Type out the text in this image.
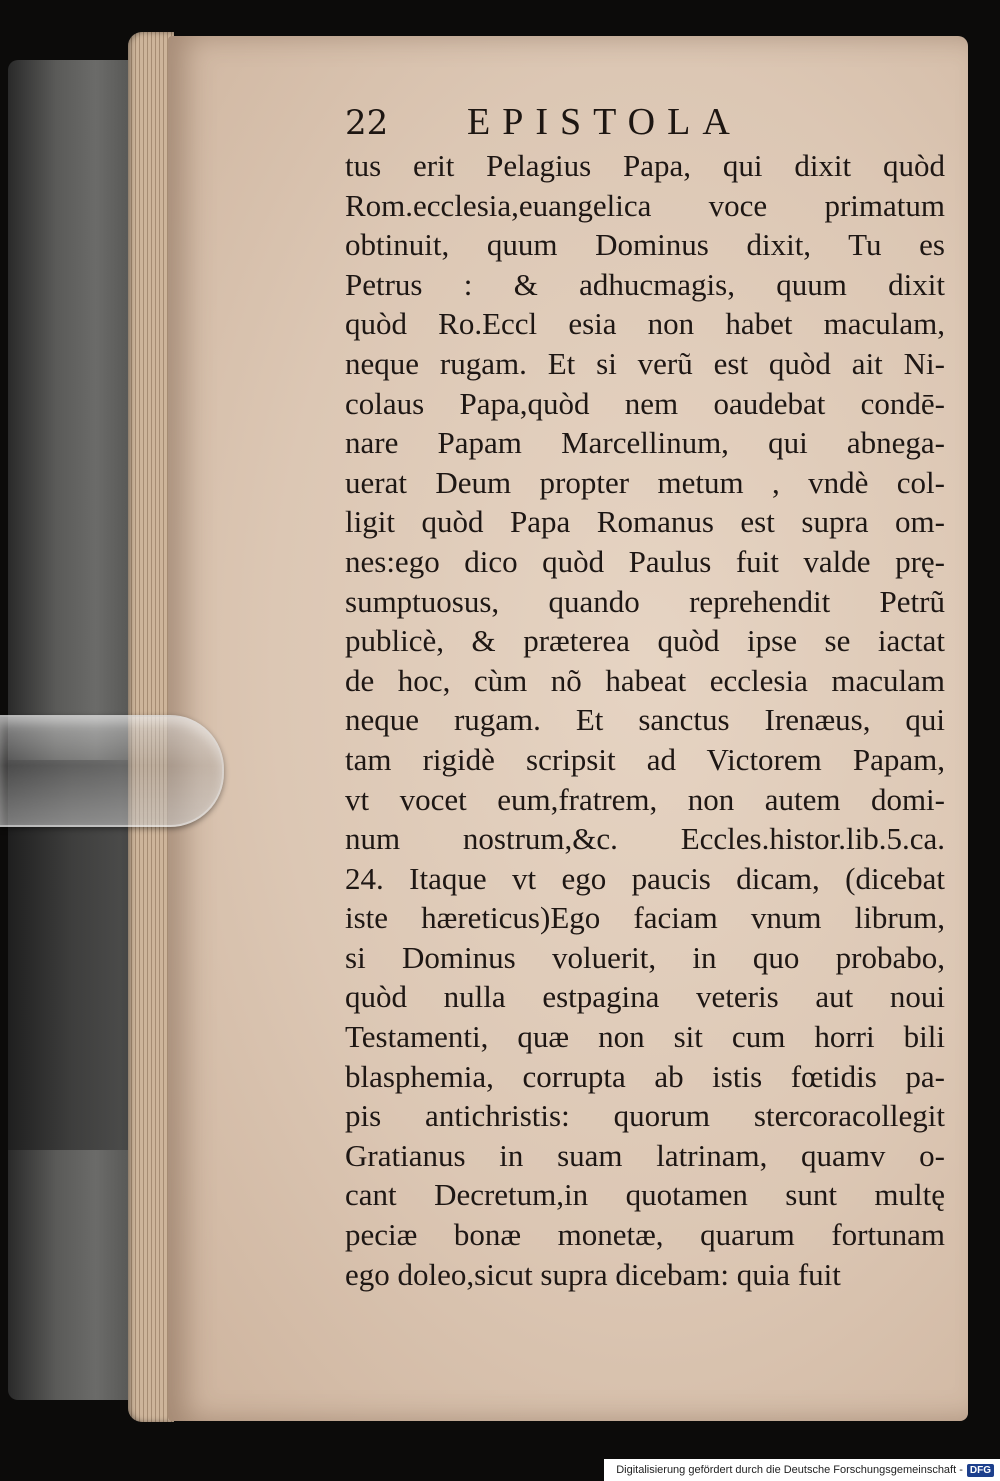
22	EPISTOLA
tus erit Pelagius Papa, qui dixit quòd
Rom.ecclesia,euangelica voce primatum
obtinuit, quum Dominus dixit, Tu es
Petrus : & adhucmagis, quum dixit
quòd Ro.Eccl esia non habet maculam,
neque rugam. Et si verũ est quòd ait Ni-
colaus Papa,quòd nem oaudebat condē-
nare Papam Marcellinum, qui abnega-
uerat Deum propter metum , vndè col-
ligit quòd Papa Romanus est supra om-
nes:ego dico quòd Paulus fuit valde prę-
sumptuosus, quando reprehendit Petrũ
publicè, & præterea quòd ipse se iactat
de hoc, cùm nõ habeat ecclesia maculam
neque rugam. Et sanctus Irenæus, qui
tam rigidè scripsit ad Victorem Papam,
vt vocet eum,fratrem, non autem domi-
num nostrum,&c. Eccles.histor.lib.5.ca.
24. Itaque vt ego paucis dicam, (dicebat
iste hæreticus)Ego faciam vnum librum,
si Dominus voluerit, in quo probabo,
quòd nulla estpagina veteris aut noui
Testamenti, quæ non sit cum horri bili
blasphemia, corrupta ab istis fœtidis pa-
pis antichristis: quorum stercoracollegit
Gratianus in suam latrinam, quamv o-
cant Decretum,in quotamen sunt multę
peciæ bonæ monetæ, quarum fortunam
ego doleo,sicut supra dicebam: quia fuit
Digitalisierung gefördert durch die Deutsche Forschungsgemeinschaft - DFG
